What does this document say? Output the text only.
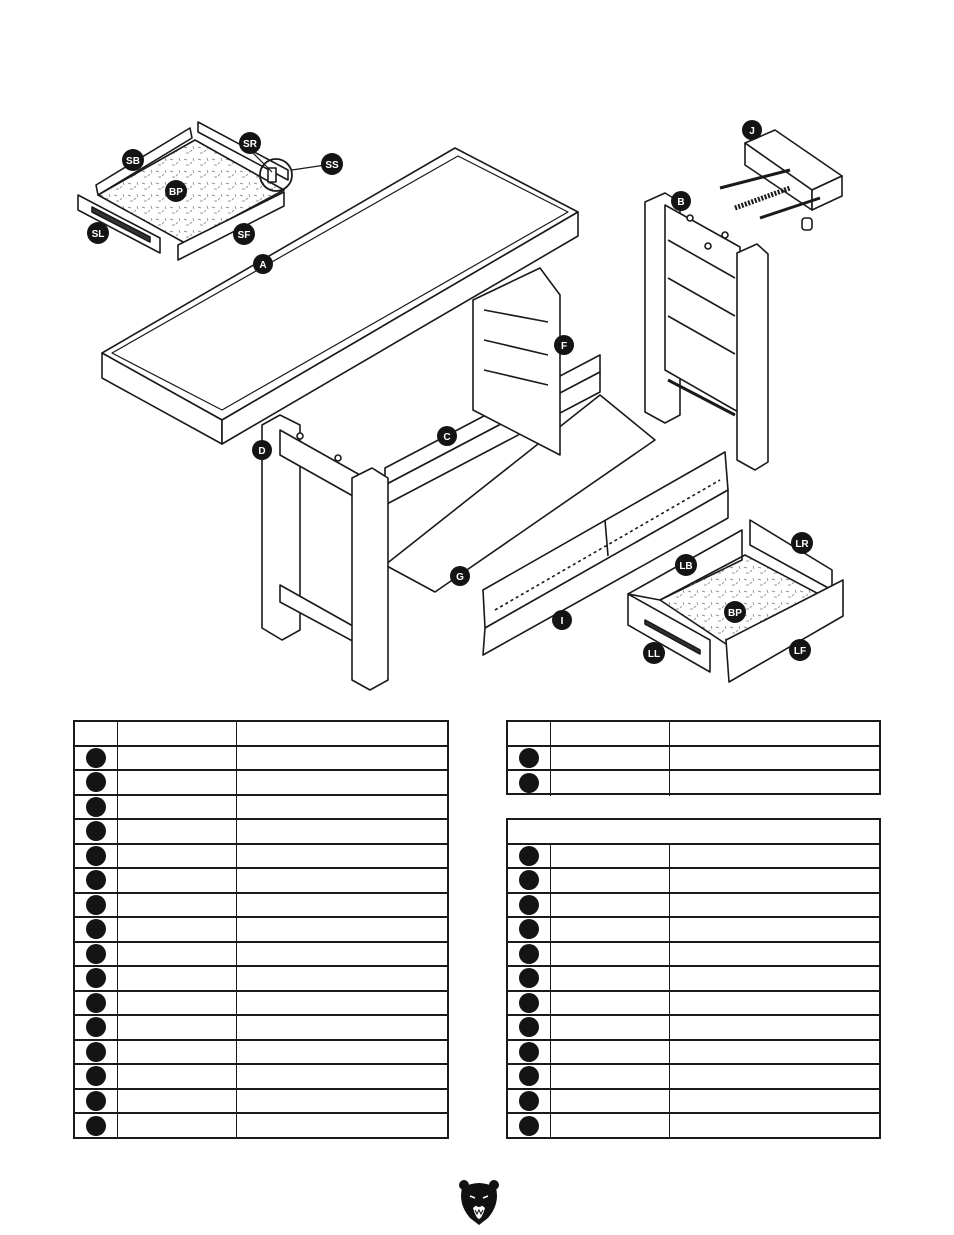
A
B
C
D
F
G
I
J
SB
SR
SS
BP
SL	SF
LB
LR
BP
LL	LF
